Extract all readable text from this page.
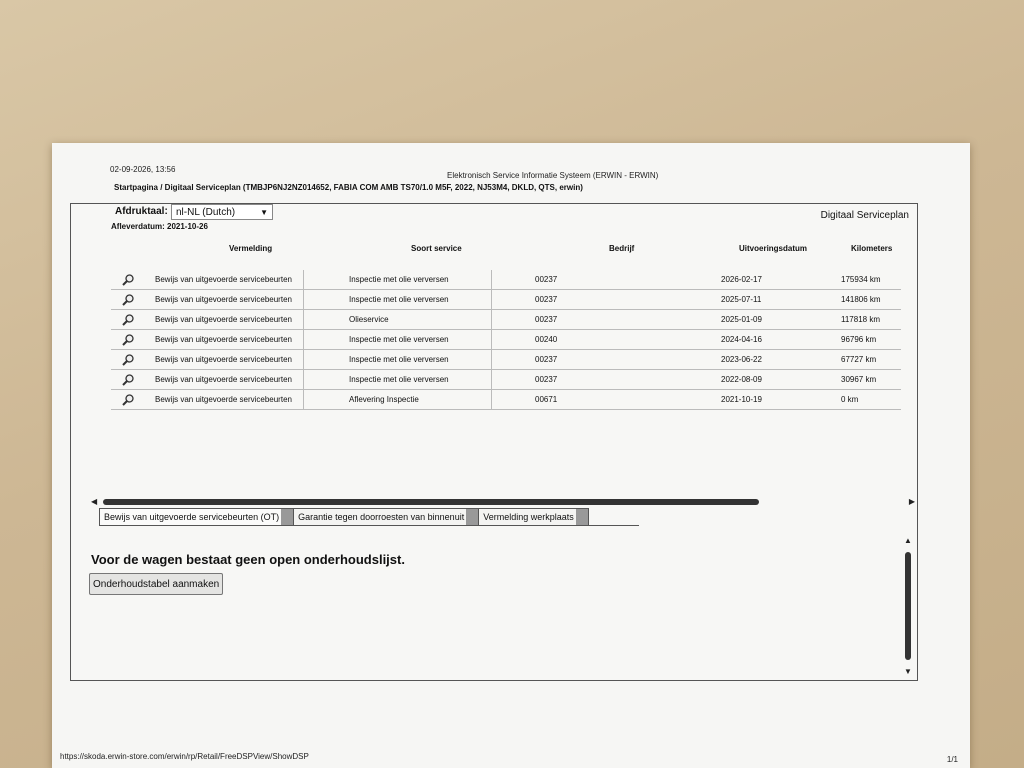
02-09-2026, 13:56
Elektronisch Service Informatie Systeem (ERWIN - ERWIN)
Startpagina / Digitaal Serviceplan (TMBJP6NJ2NZ014652, FABIA COM AMB TS70/1.0 M5F, 2022, NJ53M4, DKLD, QTS, erwin)
Afdruktaal: nl-NL (Dutch)	▼	Digitaal Serviceplan
Afleverdatum: 2021-10-26
Vermelding	Soort service	Bedrijf	Uitvoeringsdatum	Kilometers
Bewijs van uitgevoerde servicebeurten	Inspectie met olie verversen	00237	2026-02-17	175934 km
Bewijs van uitgevoerde servicebeurten	Inspectie met olie verversen	00237	2025-07-11	141806 km
Bewijs van uitgevoerde servicebeurten	Olieservice	00237	2025-01-09	117818 km
Bewijs van uitgevoerde servicebeurten	Inspectie met olie verversen	00240	2024-04-16	96796 km
Bewijs van uitgevoerde servicebeurten	Inspectie met olie verversen	00237	2023-06-22	67727 km
Bewijs van uitgevoerde servicebeurten	Inspectie met olie verversen	00237	2022-08-09	30967 km
Bewijs van uitgevoerde servicebeurten	Aflevering Inspectie	00671	2021-10-19	0 km
◀	▶
Bewijs van uitgevoerde servicebeurten (OT)	Garantie tegen doorroesten van binnenuit	Vermelding werkplaats
Voor de wagen bestaat geen open onderhoudslijst.
Onderhoudstabel aanmaken
▲
▼
https://skoda.erwin-store.com/erwin/rp/Retail/FreeDSPView/ShowDSP	1/1
